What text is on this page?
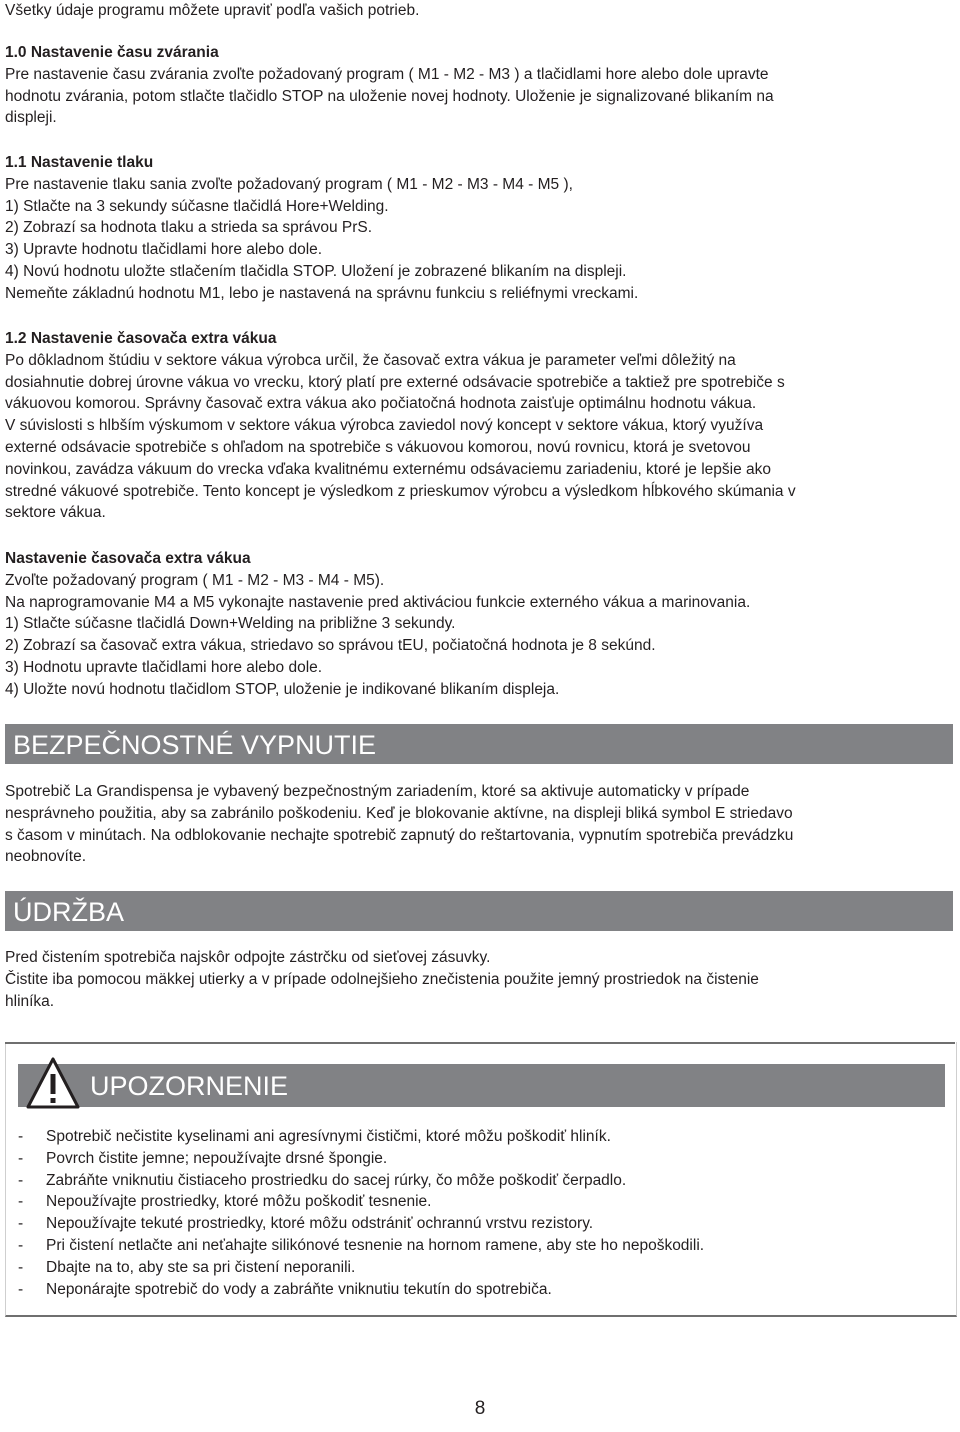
Všetky údaje programu môžete upraviť podľa vašich potrieb.
1.0 Nastavenie času zvárania
Pre nastavenie času zvárania zvoľte požadovaný program ( M1 - M2 - M3 ) a tlačidlami hore alebo dole upravte
hodnotu zvárania, potom stlačte tlačidlo STOP na uloženie novej hodnoty. Uloženie je signalizované blikaním na
displeji.
1.1 Nastavenie tlaku
Pre nastavenie tlaku sania zvoľte požadovaný program ( M1 - M2 - M3 - M4 - M5 ),
1) Stlačte na 3 sekundy súčasne tlačidlá Hore+Welding.
2) Zobrazí sa hodnota tlaku a strieda sa správou PrS.
3) Upravte hodnotu tlačidlami hore alebo dole.
4) Novú hodnotu uložte stlačením tlačidla STOP. Uložení je zobrazené blikaním na displeji.
Nemeňte základnú hodnotu M1, lebo je nastavená na správnu funkciu s reliéfnymi vreckami.
1.2 Nastavenie časovača extra vákua
Po dôkladnom štúdiu v sektore vákua výrobca určil, že časovač extra vákua je parameter veľmi dôležitý na
dosiahnutie dobrej úrovne vákua vo vrecku, ktorý platí pre externé odsávacie spotrebiče a taktiež pre spotrebiče s
vákuovou komorou. Správny časovač extra vákua ako počiatočná hodnota zaisťuje optimálnu hodnotu vákua.
V súvislosti s hlbším výskumom v sektore vákua výrobca zaviedol nový koncept v sektore vákua, ktorý využíva
externé odsávacie spotrebiče s ohľadom na spotrebiče s vákuovou komorou, novú rovnicu, ktorá je svetovou
novinkou, zavádza vákuum do vrecka vďaka kvalitnému externému odsávaciemu zariadeniu, ktoré je lepšie ako
stredné vákuové spotrebiče. Tento koncept je výsledkom z prieskumov výrobcu a výsledkom hĺbkového skúmania v
sektore vákua.
Nastavenie časovača extra vákua
Zvoľte požadovaný program ( M1 - M2 - M3 - M4 - M5).
Na naprogramovanie M4 a M5 vykonajte nastavenie pred aktiváciou funkcie externého vákua a marinovania.
1) Stlačte súčasne tlačidlá Down+Welding na približne 3 sekundy.
2) Zobrazí sa časovač extra vákua, striedavo so správou tEU, počiatočná hodnota je 8 sekúnd.
3) Hodnotu upravte tlačidlami hore alebo dole.
4) Uložte novú hodnotu tlačidlom STOP, uloženie je indikované blikaním displeja.
BEZPEČNOSTNÉ VYPNUTIE
Spotrebič La Grandispensa je vybavený bezpečnostným zariadením, ktoré sa aktivuje automaticky v prípade
nesprávneho použitia, aby sa zabránilo poškodeniu. Keď je blokovanie aktívne, na displeji bliká symbol E striedavo
s časom v minútach. Na odblokovanie nechajte spotrebič zapnutý do reštartovania, vypnutím spotrebiča prevádzku
neobnovíte.
ÚDRŽBA
Pred čistením spotrebiča najskôr odpojte zástrčku od sieťovej zásuvky.
Čistite iba pomocou mäkkej utierky a v prípade odolnejšieho znečistenia použite jemný prostriedok na čistenie
hliníka.
UPOZORNENIE
-	Spotrebič nečistite kyselinami ani agresívnymi čističmi, ktoré môžu poškodiť hliník.
-	Povrch čistite jemne; nepoužívajte drsné špongie.
-	Zabráňte vniknutiu čistiaceho prostriedku do sacej rúrky, čo môže poškodiť čerpadlo.
-	Nepoužívajte prostriedky, ktoré môžu poškodiť tesnenie.
-	Nepoužívajte tekuté prostriedky, ktoré môžu odstrániť ochrannú vrstvu rezistory.
-	Pri čistení netlačte ani neťahajte silikónové tesnenie na hornom ramene, aby ste ho nepoškodili.
-	Dbajte na to, aby ste sa pri čistení neporanili.
-	Neponárajte spotrebič do vody a zabráňte vniknutiu tekutín do spotrebiča.
8
